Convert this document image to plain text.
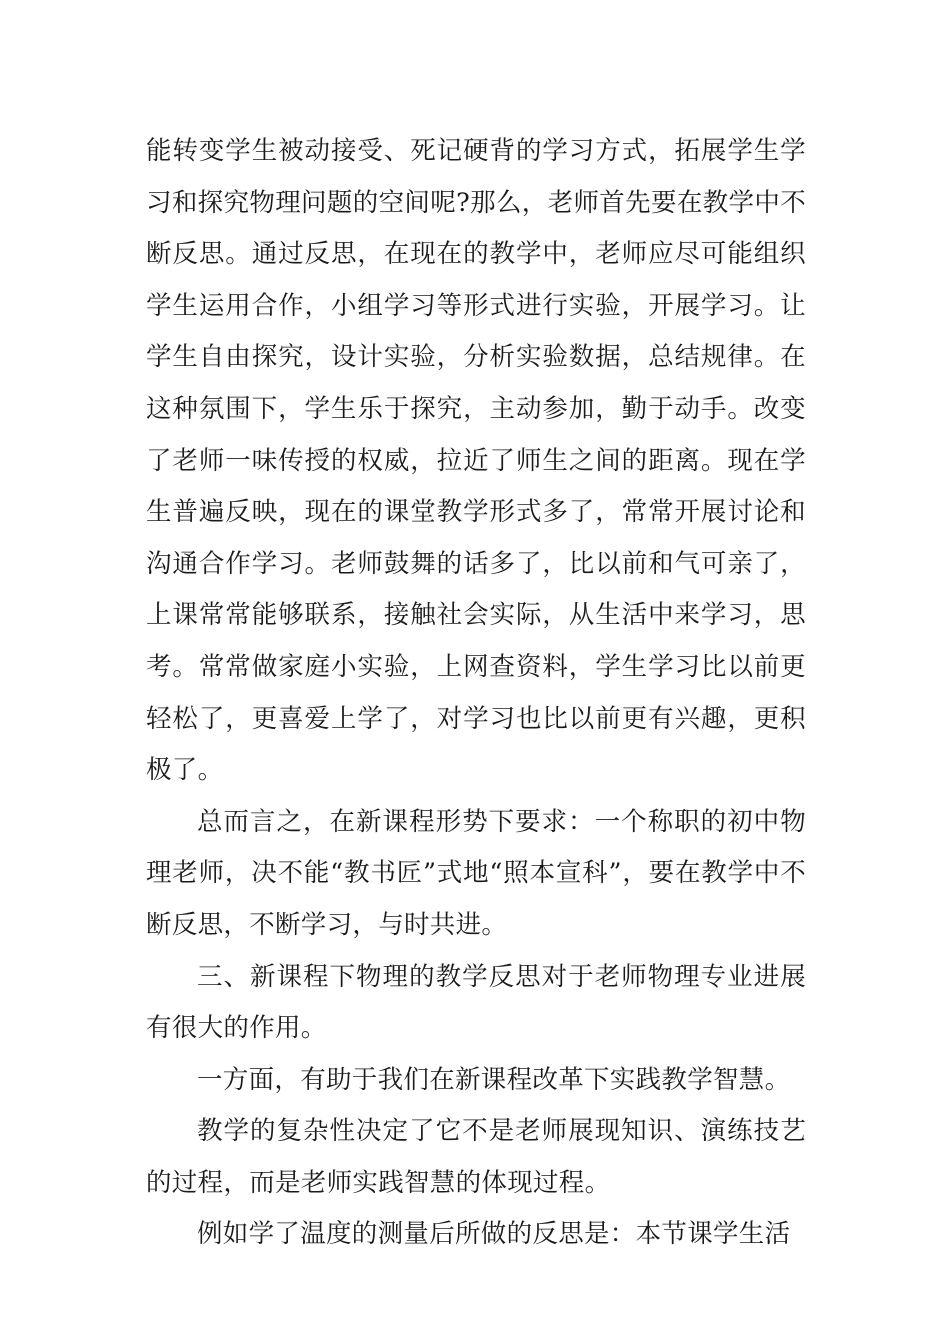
能转变学生被动接受、死记硬背的学习方式，拓展学生学习和探究物理问题的空间呢?那么，老师首先要在教学中不断反思。通过反思，在现在的教学中，老师应尽可能组织学生运用合作，小组学习等形式进行实验，开展学习。让学生自由探究，设计实验，分析实验数据，总结规律。在这种氛围下，学生乐于探究，主动参加，勤于动手。改变了老师一味传授的权威，拉近了师生之间的距离。现在学生普遍反映，现在的课堂教学形式多了，常常开展讨论和沟通合作学习。老师鼓舞的话多了，比以前和气可亲了，上课常常能够联系，接触社会实际，从生活中来学习，思考。常常做家庭小实验，上网查资料，学生学习比以前更轻松了，更喜爱上学了，对学习也比以前更有兴趣，更积极了。

总而言之，在新课程形势下要求：一个称职的初中物理老师，决不能“教书匠”式地“照本宣科”，要在教学中不断反思，不断学习，与时共进。

三、新课程下物理的教学反思对于老师物理专业进展有很大的作用。

一方面，有助于我们在新课程改革下实践教学智慧。

教学的复杂性决定了它不是老师展现知识、演练技艺的过程，而是老师实践智慧的体现过程。

例如学了温度的测量后所做的反思是：本节课学生活
